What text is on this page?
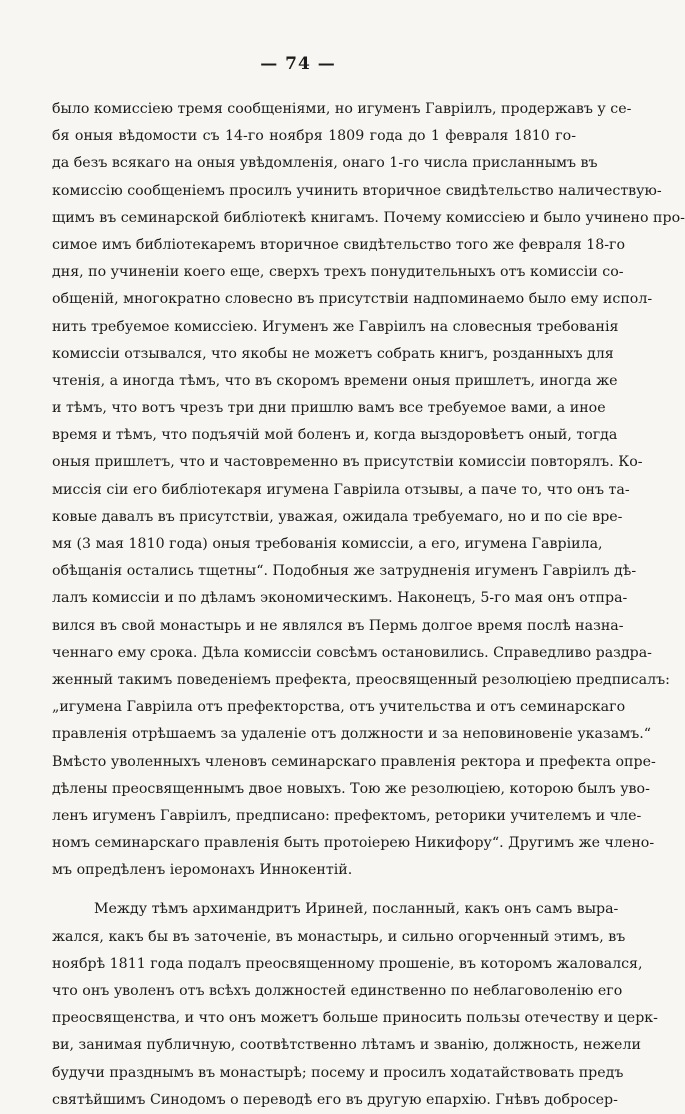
— 74 —
было комиссiею тремя сообщенiями, но игуменъ Гавріилъ, продержавъ у се-
бя оныя вѣдомости съ 14-го ноября 1809 года до 1 февраля 1810 го-
да безъ всякаго на оныя увѣдомленія, онаго 1-го числа присланнымъ въ
комиссію сообщеніемъ просилъ учинить вторичное свидѣтельство наличествую-
щимъ въ семинарской библіотекѣ книгамъ. Почему комиссіею и было учинено про-
симое имъ библіотекаремъ вторичное свидѣтельство того же февраля 18-го
дня, по учиненіи коего еще, сверхъ трехъ понудительныхъ отъ комиссіи со-
общеній, многократно словесно въ присутствіи надпоминаемо было ему испол-
нить требуемое комиссіею. Игуменъ же Гавріилъ на словесныя требованія
комиссіи отзывался, что якобы не можетъ собрать книгъ, розданныхъ для
чтенія, а иногда тѣмъ, что въ скоромъ времени оныя пришлетъ, иногда же
и тѣмъ, что вотъ чрезъ три дни пришлю вамъ все требуемое вами, а иное
время и тѣмъ, что подъячій мой боленъ и, когда выздоровѣетъ оный, тогда
оныя пришлетъ, что и частовременно въ присутствіи комиссіи повторялъ. Ко-
миссія сіи его библіотекаря игумена Гавріила отзывы, а паче то, что онъ та-
ковые давалъ въ присутствіи, уважая, ожидала требуемаго, но и по сіе вре-
мя (3 мая 1810 года) оныя требованія комиссіи, а его, игумена Гавріила,
обѣщанія остались тщетны“. Подобныя же затрудненія игуменъ Гавріилъ дѣ-
лалъ комиссіи и по дѣламъ экономическимъ. Наконецъ, 5-го мая онъ отпра-
вился въ свой монастырь и не являлся въ Пермь долгое время послѣ назна-
ченнаго ему срока. Дѣла комиссіи совсѣмъ остановились. Справедливо раздра-
женный такимъ поведеніемъ префекта, преосвященный резолюціею предписалъ:
„игумена Гавріила отъ префекторства, отъ учительства и отъ семинарскаго
правленія отрѣшаемъ за удаленіе отъ должности и за неповиновеніе указамъ.“
Вмѣсто уволенныхъ членовъ семинарскаго правленія ректора и префекта опре-
дѣлены преосвященнымъ двое новыхъ. Тою же резолюціею, которою былъ уво-
ленъ игуменъ Гавріилъ, предписано: префектомъ, реторики учителемъ и чле-
номъ семинарскаго правленія быть протоіерею Никифору“. Другимъ же члено-
мъ опредѣленъ іеромонахъ Иннокентій.
Между тѣмъ архимандритъ Ириней, посланный, какъ онъ самъ выра-
жался, какъ бы въ заточеніе, въ монастырь, и сильно огорченный этимъ, въ
ноябрѣ 1811 года подалъ преосвященному прошеніе, въ которомъ жаловался,
что онъ уволенъ отъ всѣхъ должностей единственно по неблаговоленію его
преосвященства, и что онъ можетъ больше приносить пользы отечеству и церк-
ви, занимая публичную, соотвѣтственно лѣтамъ и званію, должность, нежели
будучи празднымъ въ монастырѣ; посему и просилъ ходатайствовать предъ
святѣйшимъ Синодомъ о переводѣ его въ другую епархію. Гнѣвъ добросер-
